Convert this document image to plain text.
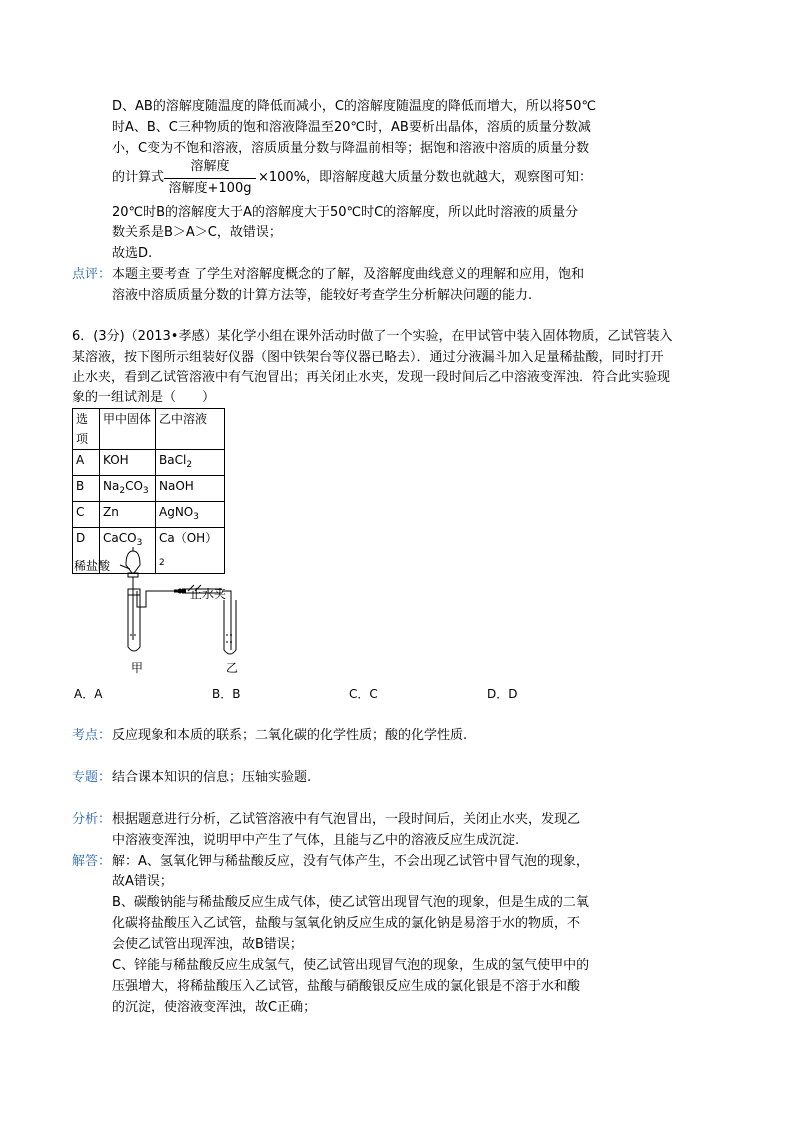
D、AB的溶解度随温度的降低而减小，C的溶解度随温度的降低而增大，所以将50℃
时A、B、C三种物质的饱和溶液降温至20℃时，AB要析出晶体，溶质的质量分数减
小，C变为不饱和溶液，溶质质量分数与降温前相等；据饱和溶液中溶质的质量分数
的计算式
溶解度
溶解度+100g
×100%，即溶解度越大质量分数也就越大，观察图可知：
20℃时B的溶解度大于A的溶解度大于50℃时C的溶解度，所以此时溶液的质量分
数关系是B＞A＞C，故错误；
故选D.
点评： 本题主要考查 了学生对溶解度概念的了解，及溶解度曲线意义的理解和应用，饱和
溶液中溶质质量分数的计算方法等，能较好考查学生分析解决问题的能力.
6．(3分)（2013•孝感）某化学小组在课外活动时做了一个实验，在甲试管中装入固体物质，乙试管装入
某溶液，按下图所示组装好仪器（图中铁架台等仪器已略去）．通过分液漏斗加入足量稀盐酸，同时打开
止水夹，看到乙试管溶液中有气泡冒出；再关闭止水夹，发现一段时间后乙中溶液变浑浊．符合此实验现
象的一组试剂是（　　）
选项	甲中固体	乙中溶液
A	KOH	BaCl$_2$
B	$Na_2CO_3$	NaOH
C	Zn	AgNO$_3$
D	CaCO$_3$	$Ca(OH)_2$
稀盐酸
止水夹
甲	乙
A．A	B．B	C．C	D．D
考点： 反应现象和本质的联系；二氧化碳的化学性质；酸的化学性质.
专题： 结合课本知识的信息；压轴实验题.
分析： 根据题意进行分析，乙试管溶液中有气泡冒出，一段时间后，关闭止水夹，发现乙
中溶液变浑浊，说明甲中产生了气体，且能与乙中的溶液反应生成沉淀.
解答： 解：A、氢氧化钾与稀盐酸反应，没有气体产生，不会出现乙试管中冒气泡的现象，
故A错误；
B、碳酸钠能与稀盐酸反应生成气体，使乙试管出现冒气泡的现象，但是生成的二氧
化碳将盐酸压入乙试管，盐酸与氢氧化钠反应生成的氯化钠是易溶于水的物质，不
会使乙试管出现浑浊，故B错误；
C、锌能与稀盐酸反应生成氢气，使乙试管出现冒气泡的现象，生成的氢气使甲中的
压强增大，将稀盐酸压入乙试管，盐酸与硝酸银反应生成的氯化银是不溶于水和酸
的沉淀，使溶液变浑浊，故C正确；
